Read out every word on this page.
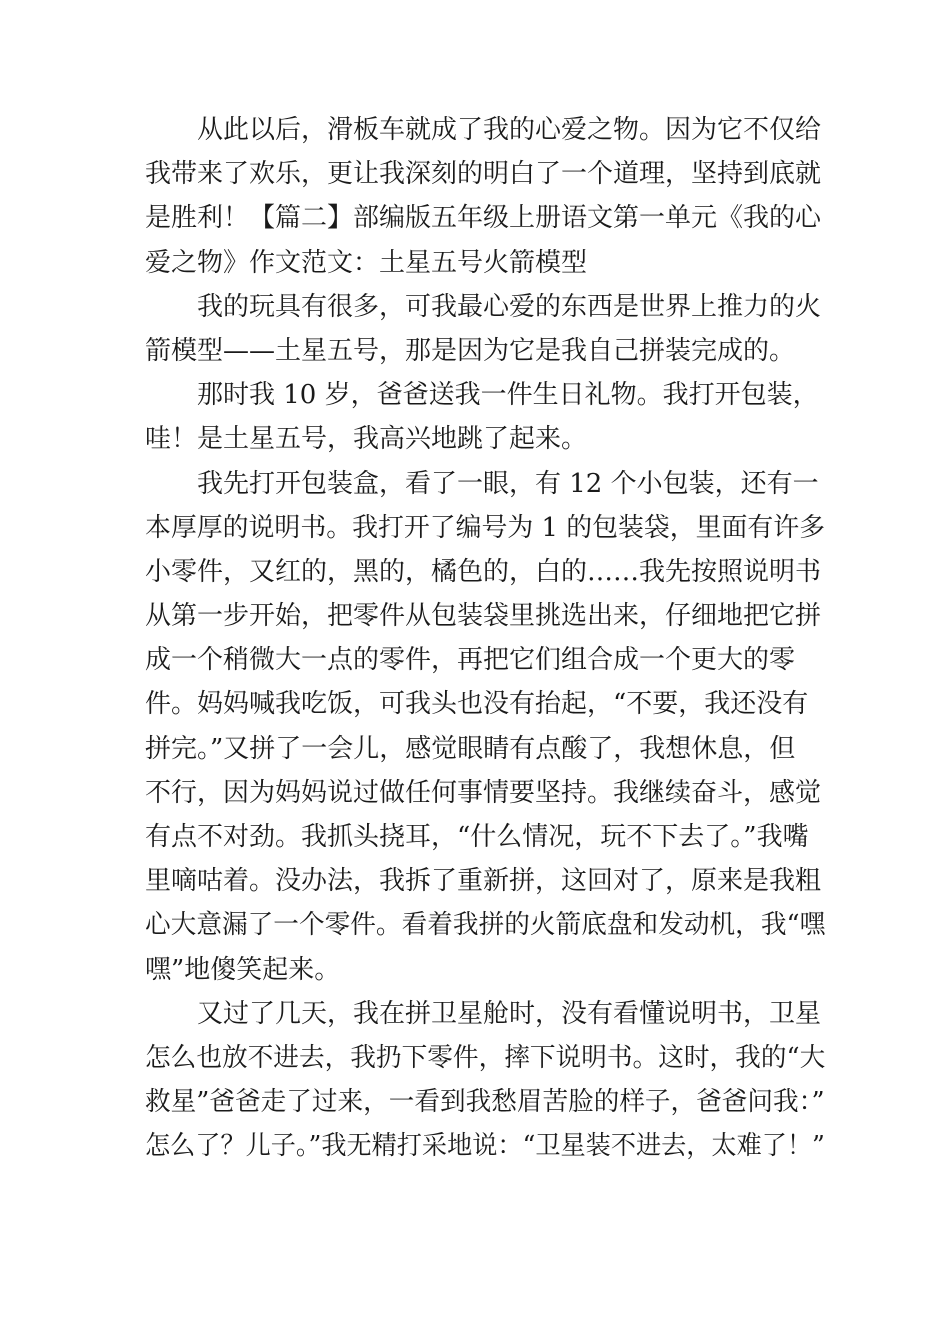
从此以后，滑板车就成了我的心爱之物。因为它不仅给
我带来了欢乐，更让我深刻的明白了一个道理，坚持到底就
是胜利！【篇二】部编版五年级上册语文第一单元《我的心
爱之物》作文范文：土星五号火箭模型
我的玩具有很多，可我最心爱的东西是世界上推力的火
箭模型——土星五号，那是因为它是我自己拼装完成的。
那时我 10 岁，爸爸送我一件生日礼物。我打开包装，
哇！是土星五号，我高兴地跳了起来。
我先打开包装盒，看了一眼，有 12 个小包装，还有一
本厚厚的说明书。我打开了编号为 1 的包装袋，里面有许多
小零件，又红的，黑的，橘色的，白的……我先按照说明书
从第一步开始，把零件从包装袋里挑选出来，仔细地把它拼
成一个稍微大一点的零件，再把它们组合成一个更大的零
件。妈妈喊我吃饭，可我头也没有抬起，“不要，我还没有
拼完。”又拼了一会儿，感觉眼睛有点酸了，我想休息，但
不行，因为妈妈说过做任何事情要坚持。我继续奋斗，感觉
有点不对劲。我抓头挠耳，“什么情况，玩不下去了。”我嘴
里嘀咕着。没办法，我拆了重新拼，这回对了，原来是我粗
心大意漏了一个零件。看着我拼的火箭底盘和发动机，我“嘿
嘿”地傻笑起来。
又过了几天，我在拼卫星舱时，没有看懂说明书，卫星
怎么也放不进去，我扔下零件，摔下说明书。这时，我的“大
救星”爸爸走了过来，一看到我愁眉苦脸的样子，爸爸问我：”
怎么了？儿子。”我无精打采地说：“卫星装不进去，太难了！”
